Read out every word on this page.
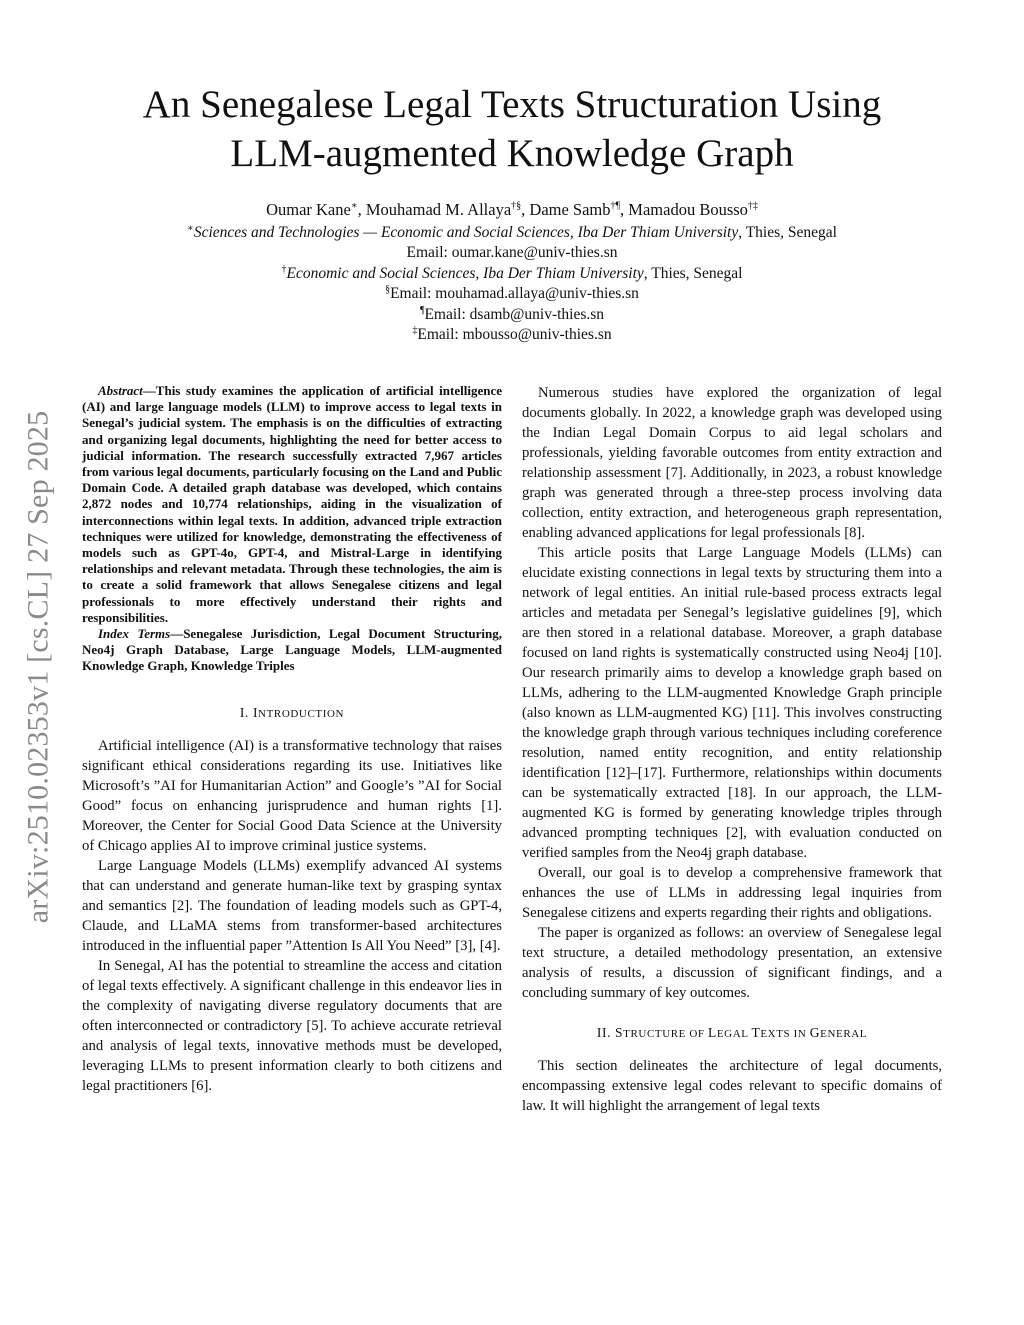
arXiv:2510.02353v1 [cs.CL] 27 Sep 2025
An Senegalese Legal Texts Structuration Using
LLM-augmented Knowledge Graph
Oumar Kane∗, Mouhamad M. Allaya†§, Dame Samb†¶, Mamadou Bousso†‡
∗Sciences and Technologies — Economic and Social Sciences, Iba Der Thiam University, Thies, Senegal
Email: oumar.kane@univ-thies.sn
†Economic and Social Sciences, Iba Der Thiam University, Thies, Senegal
§Email: mouhamad.allaya@univ-thies.sn
¶Email: dsamb@univ-thies.sn
‡Email: mbousso@univ-thies.sn

Abstract—This study examines the application of artificial intelligence (AI) and large language models (LLM) to improve access to legal texts in Senegal’s judicial system. The emphasis is on the difficulties of extracting and organizing legal documents, highlighting the need for better access to judicial information. The research successfully extracted 7,967 articles from various legal documents, particularly focusing on the Land and Public Domain Code. A detailed graph database was developed, which contains 2,872 nodes and 10,774 relationships, aiding in the visualization of interconnections within legal texts. In addition, advanced triple extraction techniques were utilized for knowledge, demonstrating the effectiveness of models such as GPT-4o, GPT-4, and Mistral-Large in identifying relationships and relevant metadata. Through these technologies, the aim is to create a solid framework that allows Senegalese citizens and legal professionals to more effectively understand their rights and responsibilities.

Index Terms—Senegalese Jurisdiction, Legal Document Structuring, Neo4j Graph Database, Large Language Models, LLM-augmented Knowledge Graph, Knowledge Triples

I. INTRODUCTION

Artificial intelligence (AI) is a transformative technology that raises significant ethical considerations regarding its use. Initiatives like Microsoft’s ”AI for Humanitarian Action” and Google’s ”AI for Social Good” focus on enhancing jurisprudence and human rights [1]. Moreover, the Center for Social Good Data Science at the University of Chicago applies AI to improve criminal justice systems.

Large Language Models (LLMs) exemplify advanced AI systems that can understand and generate human-like text by grasping syntax and semantics [2]. The foundation of leading models such as GPT-4, Claude, and LLaMA stems from transformer-based architectures introduced in the influential paper ”Attention Is All You Need” [3], [4].

In Senegal, AI has the potential to streamline the access and citation of legal texts effectively. A significant challenge in this endeavor lies in the complexity of navigating diverse regulatory documents that are often interconnected or contradictory [5]. To achieve accurate retrieval and analysis of legal texts, innovative methods must be developed, leveraging LLMs to present information clearly to both citizens and legal practitioners [6].

Numerous studies have explored the organization of legal documents globally. In 2022, a knowledge graph was developed using the Indian Legal Domain Corpus to aid legal scholars and professionals, yielding favorable outcomes from entity extraction and relationship assessment [7]. Additionally, in 2023, a robust knowledge graph was generated through a three-step process involving data collection, entity extraction, and heterogeneous graph representation, enabling advanced applications for legal professionals [8].

This article posits that Large Language Models (LLMs) can elucidate existing connections in legal texts by structuring them into a network of legal entities. An initial rule-based process extracts legal articles and metadata per Senegal’s legislative guidelines [9], which are then stored in a relational database. Moreover, a graph database focused on land rights is systematically constructed using Neo4j [10]. Our research primarily aims to develop a knowledge graph based on LLMs, adhering to the LLM-augmented Knowledge Graph principle (also known as LLM-augmented KG) [11]. This involves constructing the knowledge graph through various techniques including coreference resolution, named entity recognition, and entity relationship identification [12]–[17]. Furthermore, relationships within documents can be systematically extracted [18]. In our approach, the LLM-augmented KG is formed by generating knowledge triples through advanced prompting techniques [2], with evaluation conducted on verified samples from the Neo4j graph database.

Overall, our goal is to develop a comprehensive framework that enhances the use of LLMs in addressing legal inquiries from Senegalese citizens and experts regarding their rights and obligations.

The paper is organized as follows: an overview of Senegalese legal text structure, a detailed methodology presentation, an extensive analysis of results, a discussion of significant findings, and a concluding summary of key outcomes.

II. STRUCTURE OF LEGAL TEXTS IN GENERAL

This section delineates the architecture of legal documents, encompassing extensive legal codes relevant to specific domains of law. It will highlight the arrangement of legal texts
